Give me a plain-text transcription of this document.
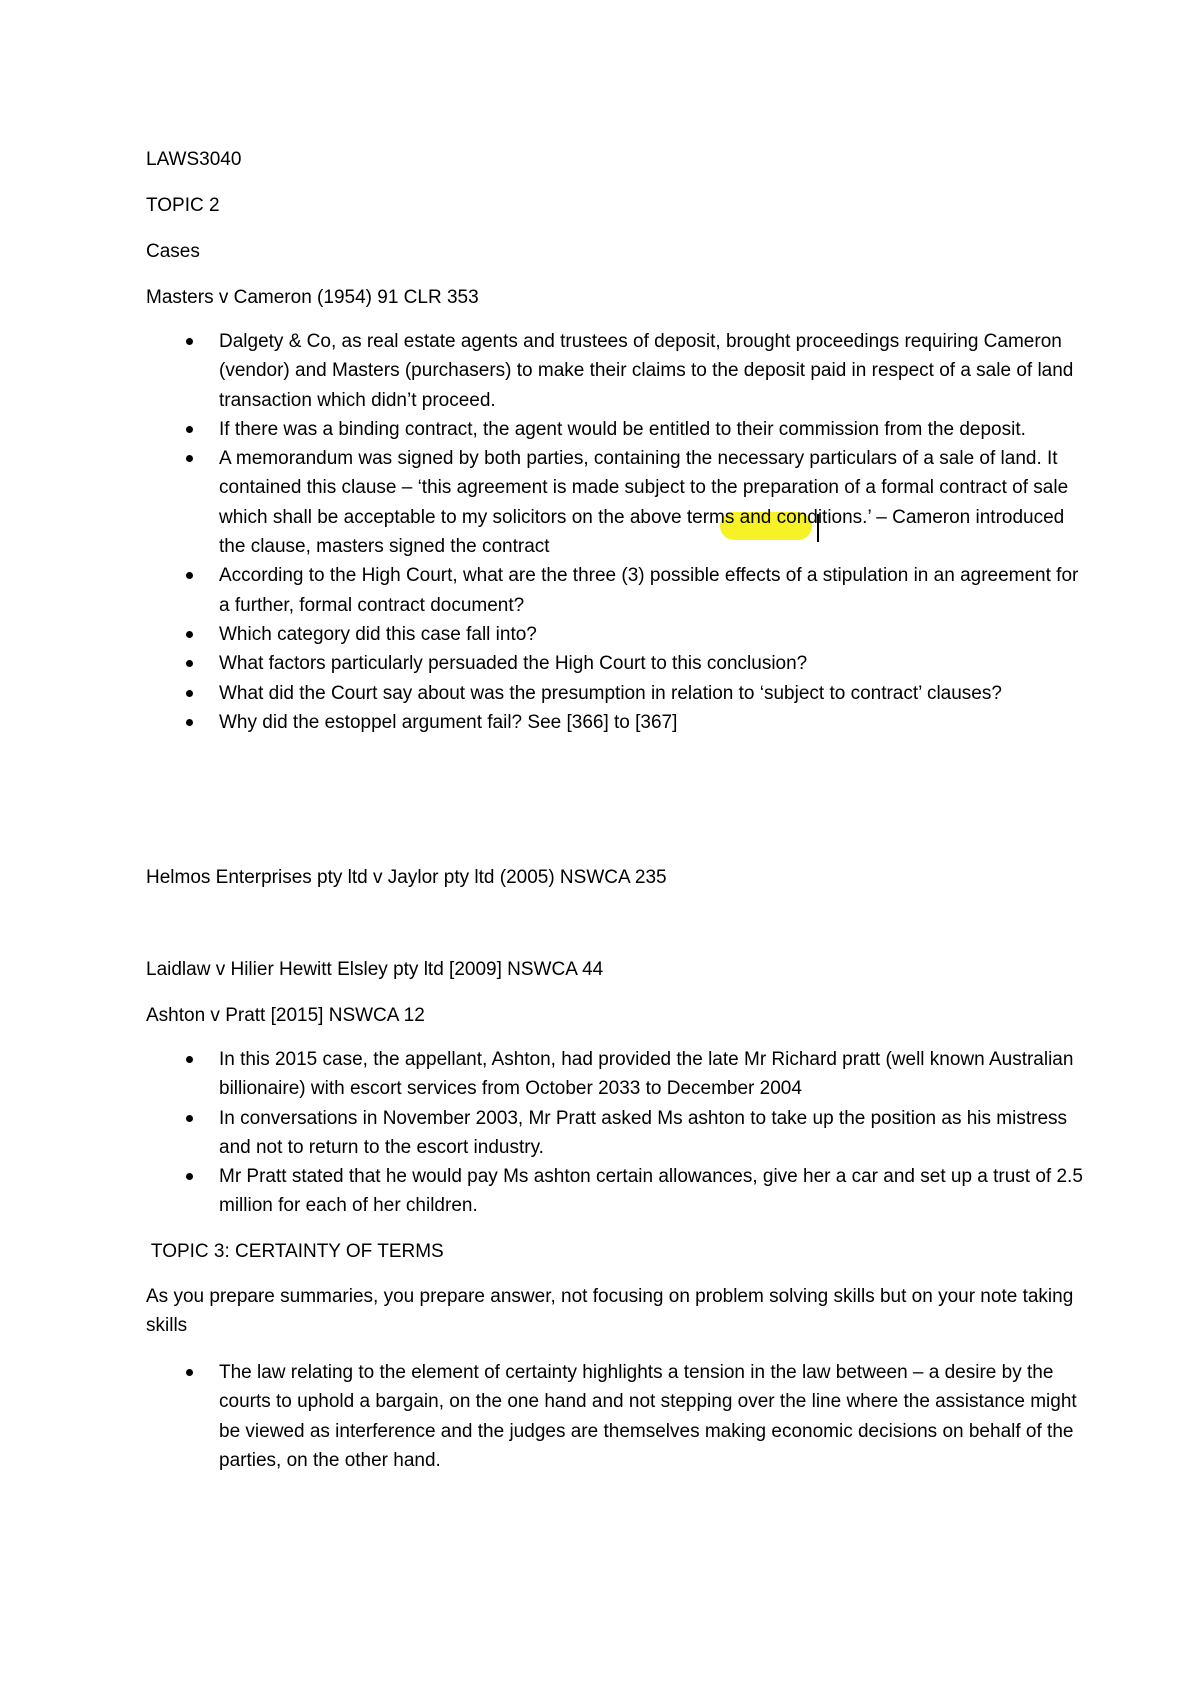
LAWS3040
TOPIC 2
Cases
Masters v Cameron (1954) 91 CLR 353
Dalgety & Co, as real estate agents and trustees of deposit, brought proceedings requiring Cameron (vendor) and Masters (purchasers) to make their claims to the deposit paid in respect of a sale of land transaction which didn’t proceed.
If there was a binding contract, the agent would be entitled to their commission from the deposit.
A memorandum was signed by both parties, containing the necessary particulars of a sale of land. It contained this clause – ‘this agreement is made subject to the preparation of a formal contract of sale which shall be acceptable to my solicitors on the above terms and conditions.’ – Cameron introduced the clause, masters signed the contract
According to the High Court, what are the three (3) possible effects of a stipulation in an agreement for a further, formal contract document?
Which category did this case fall into?
What factors particularly persuaded the High Court to this conclusion?
What did the Court say about was the presumption in relation to ‘subject to contract’ clauses?
Why did the estoppel argument fail? See [366] to [367]
Helmos Enterprises pty ltd v Jaylor pty ltd (2005) NSWCA 235
Laidlaw v Hilier Hewitt Elsley pty ltd [2009] NSWCA 44
Ashton v Pratt [2015] NSWCA 12
In this 2015 case, the appellant, Ashton, had provided the late Mr Richard pratt (well known Australian billionaire) with escort services from October 2033 to December 2004
In conversations in November 2003, Mr Pratt asked Ms ashton to take up the position as his mistress and not to return to the escort industry.
Mr Pratt stated that he would pay Ms ashton certain allowances, give her a car and set up a trust of 2.5 million for each of her children.
TOPIC 3: CERTAINTY OF TERMS
As you prepare summaries, you prepare answer, not focusing on problem solving skills but on your note taking skills
The law relating to the element of certainty highlights a tension in the law between – a desire by the courts to uphold a bargain, on the one hand and not stepping over the line where the assistance might be viewed as interference and the judges are themselves making economic decisions on behalf of the parties, on the other hand.
